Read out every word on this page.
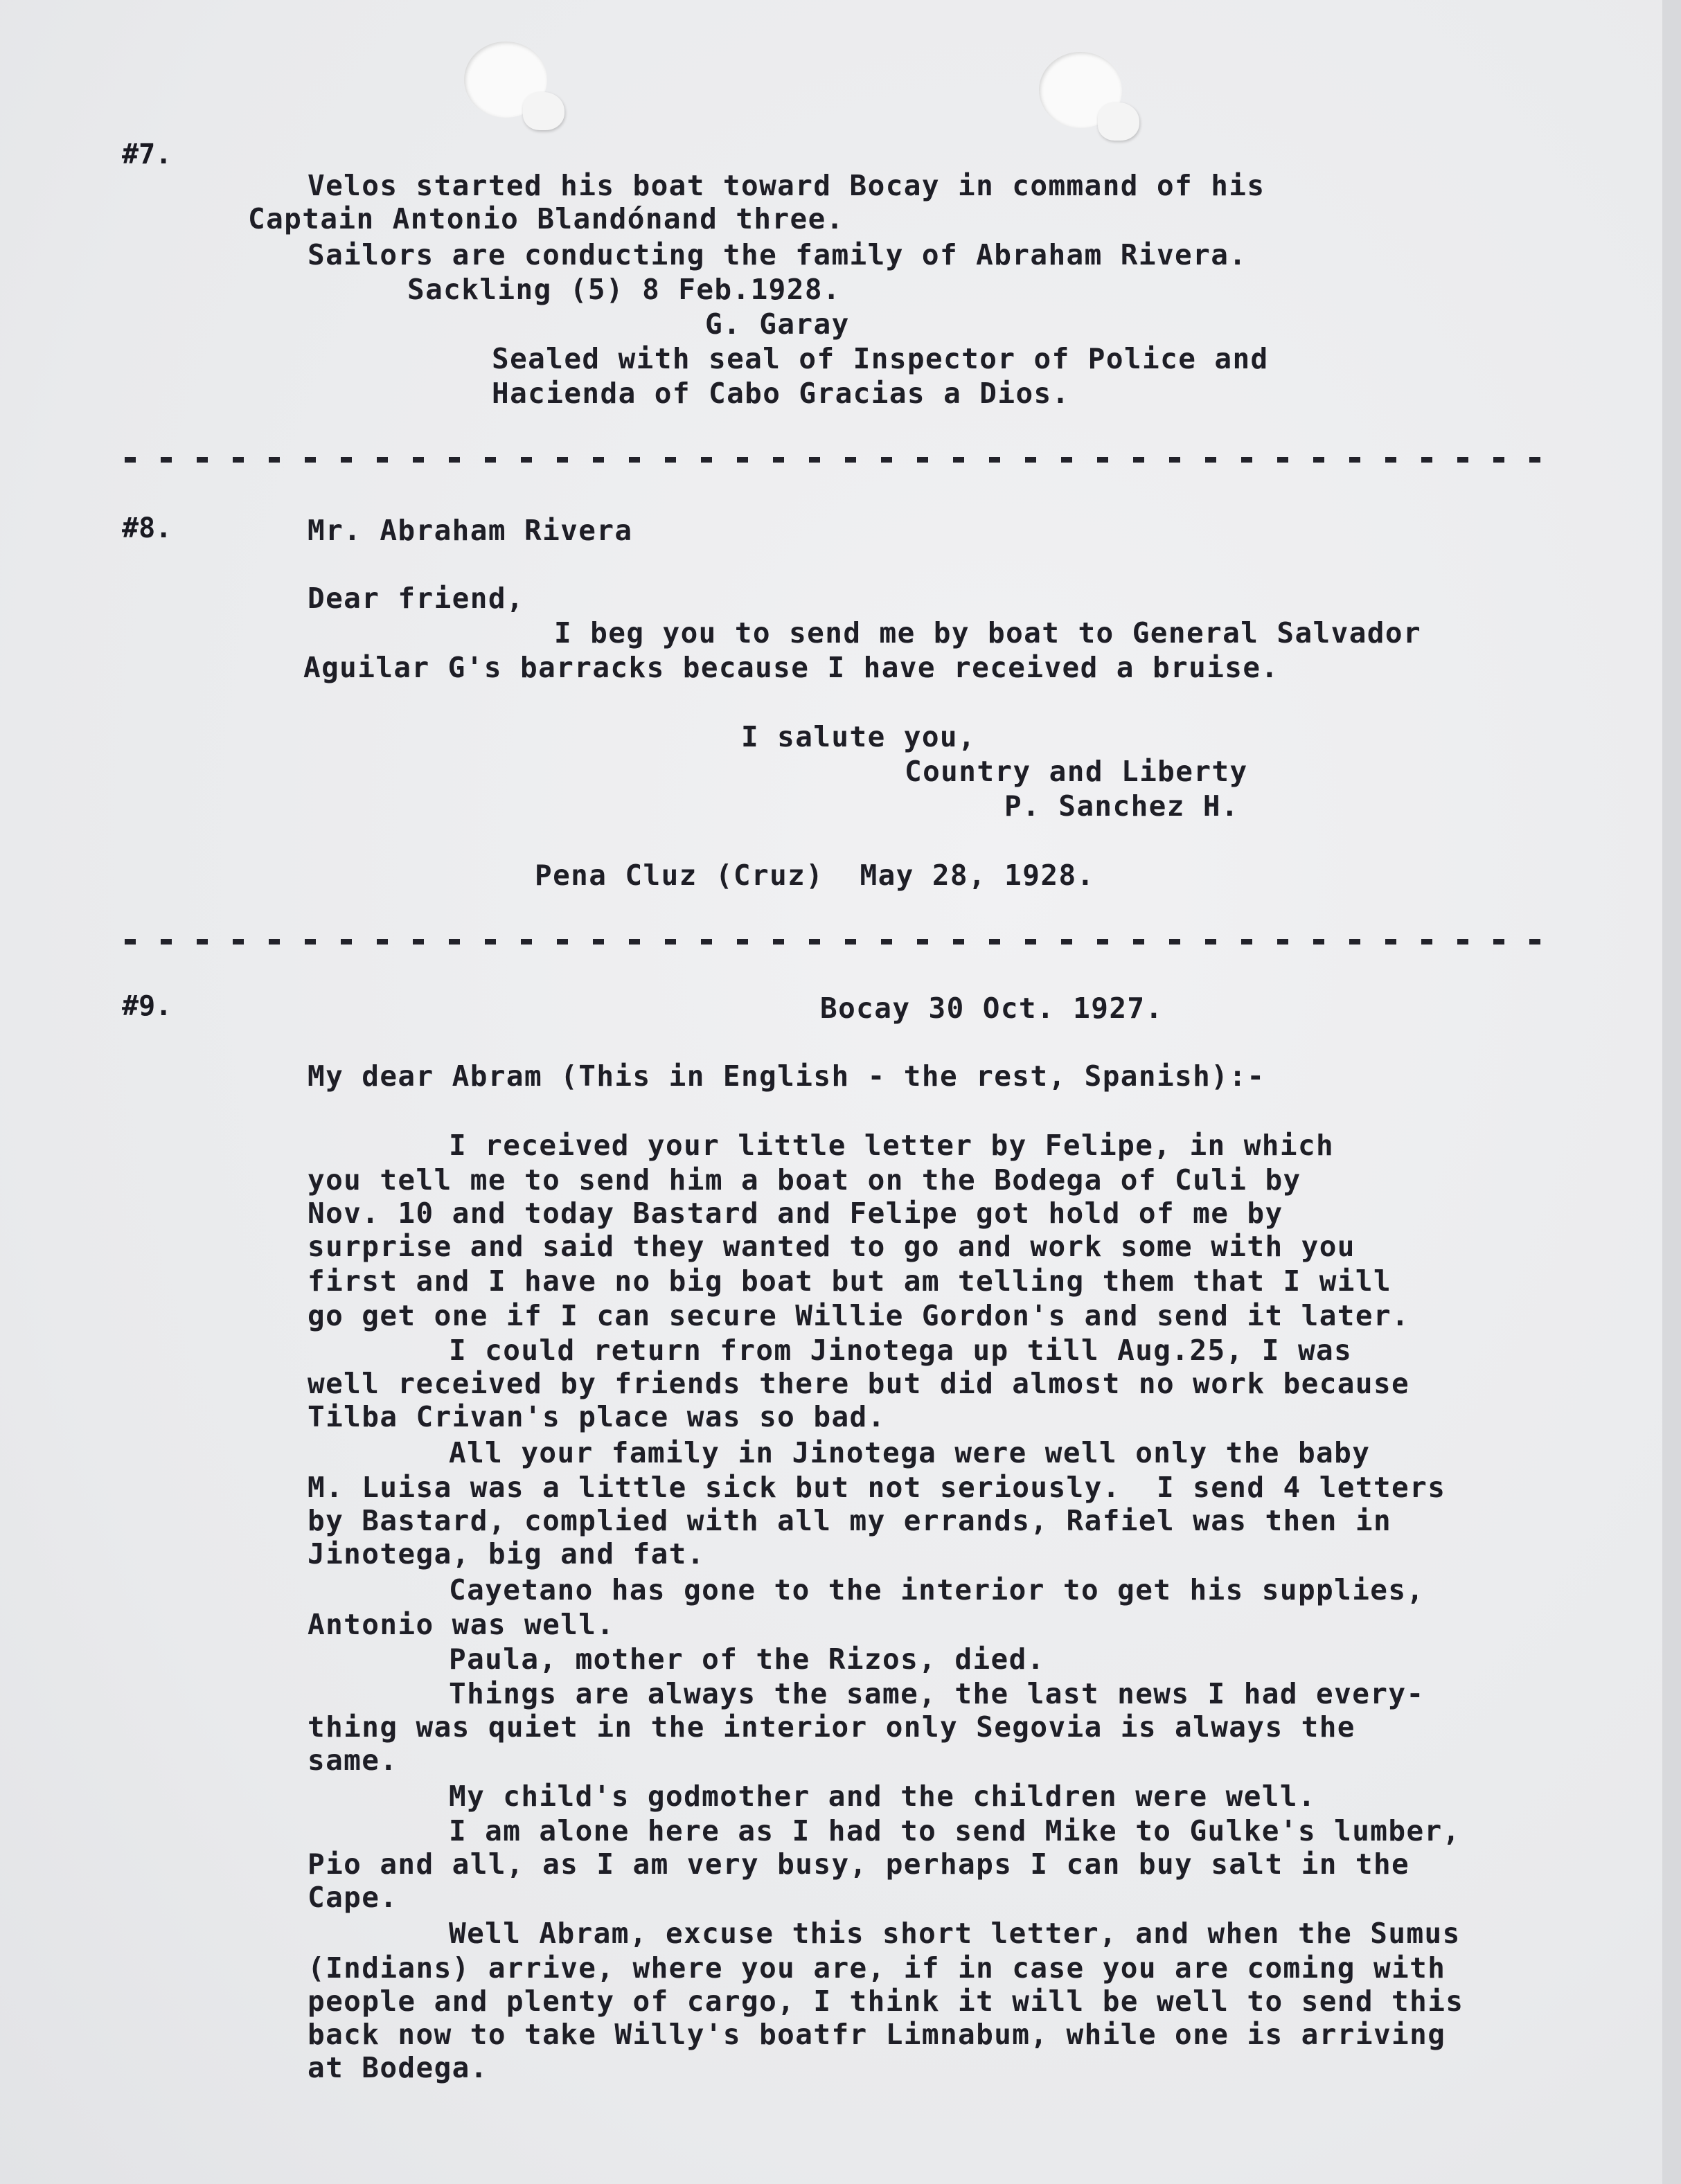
#7.

Velos started his boat toward Bocay in command of his

Captain Antonio Blandónand three.

Sailors are conducting the family of Abraham Rivera.

Sackling (5) 8 Feb.1928.

G. Garay

Sealed with seal of Inspector of Police and

Hacienda of Cabo Gracias a Dios.

#8.	Mr. Abraham Rivera

Dear friend,

I beg you to send me by boat to General Salvador

Aguilar G's barracks because I have received a bruise.

I salute you,

Country and Liberty

P. Sanchez H.

Pena Cluz (Cruz)  May 28, 1928.

#9.	Bocay 30 Oct. 1927.

My dear Abram (This in English - the rest, Spanish):-

I received your little letter by Felipe, in which

you tell me to send him a boat on the Bodega of Culi by

Nov. 10 and today Bastard and Felipe got hold of me by

surprise and said they wanted to go and work some with you

first and I have no big boat but am telling them that I will

go get one if I can secure Willie Gordon's and send it later.

I could return from Jinotega up till Aug.25, I was

well received by friends there but did almost no work because

Tilba Crivan's place was so bad.

All your family in Jinotega were well only the baby

M. Luisa was a little sick but not seriously.  I send 4 letters

by Bastard, complied with all my errands, Rafiel was then in

Jinotega, big and fat.

Cayetano has gone to the interior to get his supplies,

Antonio was well.

Paula, mother of the Rizos, died.

Things are always the same, the last news I had every-

thing was quiet in the interior only Segovia is always the

same.

My child's godmother and the children were well.

I am alone here as I had to send Mike to Gulke's lumber,

Pio and all, as I am very busy, perhaps I can buy salt in the

Cape.

Well Abram, excuse this short letter, and when the Sumus

(Indians) arrive, where you are, if in case you are coming with

people and plenty of cargo, I think it will be well to send this

back now to take Willy's boatfr Limnabum, while one is arriving

at Bodega.
